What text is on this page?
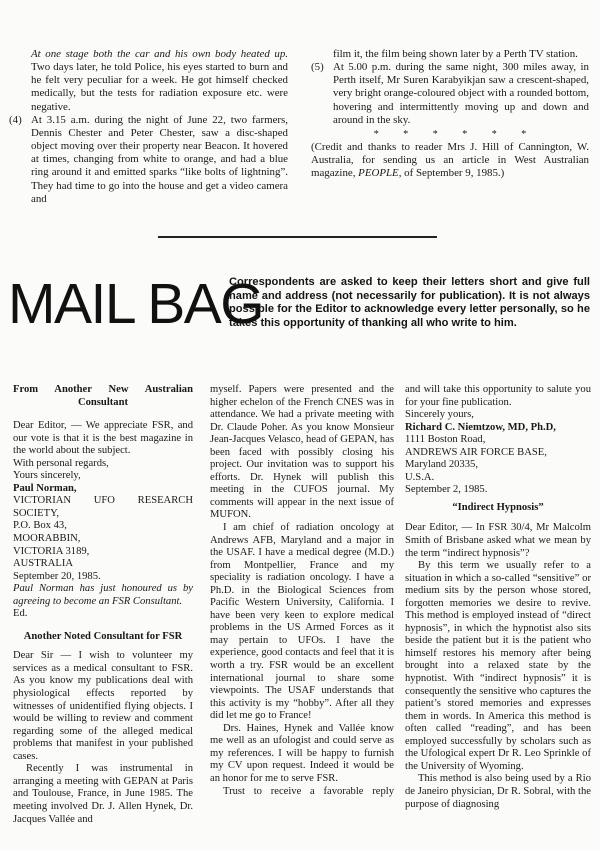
At one stage both the car and his own body heated up. Two days later, he told Police, his eyes started to burn and he felt very peculiar for a week. He got himself checked medically, but the tests for radiation exposure etc. were negative.

(4) At 3.15 a.m. during the night of June 22, two farmers, Dennis Chester and Peter Chester, saw a disc-shaped object moving over their property near Beacon. It hovered at times, changing from white to orange, and had a blue ring around it and emitted sparks “like bolts of lightning”. They had time to go into the house and get a video camera and

film it, the film being shown later by a Perth TV station.

(5) At 5.00 p.m. during the same night, 300 miles away, in Perth itself, Mr Suren Karabyikjan saw a crescent-shaped, very bright orange-coloured object with a rounded bottom, hovering and intermittently moving up and down and around in the sky.

* * * * * *

(Credit and thanks to reader Mrs J. Hill of Cannington, W. Australia, for sending us an article in West Australian magazine, PEOPLE, of September 9, 1985.)

MAIL BAG

Correspondents are asked to keep their letters short and give full name and address (not necessarily for publication). It is not always possible for the Editor to acknowledge every letter personally, so he takes this opportunity of thanking all who write to him.

From Another New Australian

Consultant

Dear Editor, — We appreciate FSR, and our vote is that it is the best magazine in the world about the subject.

With personal regards,

Yours sincerely,

Paul Norman,

VICTORIAN UFO RESEARCH SOCIETY,

P.O. Box 43,

MOORABBIN,

VICTORIA 3189,

AUSTRALIA

September 20, 1985.

Paul Norman has just honoured us by agreeing to become an FSR Consultant.

Ed.

Another Noted Consultant for FSR

Dear Sir — I wish to volunteer my services as a medical consultant to FSR. As you know my publications deal with physiological effects reported by witnesses of unidentified flying objects. I would be willing to review and comment regarding some of the alleged medical problems that manifest in your published cases.

Recently I was instrumental in arranging a meeting with GEPAN at Paris and Toulouse, France, in June 1985. The meeting involved Dr. J. Allen Hynek, Dr. Jacques Vallée and

myself. Papers were presented and the higher echelon of the French CNES was in attendance. We had a private meeting with Dr. Claude Poher. As you know Monsieur Jean-Jacques Velasco, head of GEPAN, has been faced with possibly closing his project. Our invitation was to support his efforts. Dr. Hynek will publish this meeting in the CUFOS journal. My comments will appear in the next issue of MUFON.

I am chief of radiation oncology at Andrews AFB, Maryland and a major in the USAF. I have a medical degree (M.D.) from Montpellier, France and my speciality is radiation oncology. I have a Ph.D. in the Biological Sciences from Pacific Western University, California. I have been very keen to explore medical problems in the US Armed Forces as it may pertain to UFOs. I have the experience, good contacts and feel that it is worth a try. FSR would be an excellent international journal to share some viewpoints. The USAF understands that this activity is my “hobby”. After all they did let me go to France!

Drs. Haines, Hynek and Vallée know me well as an ufologist and could serve as my references. I will be happy to furnish my CV upon request. Indeed it would be an honor for me to serve FSR.

Trust to receive a favorable reply

and will take this opportunity to salute you for your fine publication.

Sincerely yours,

Richard C. Niemtzow, MD, Ph.D,

1111 Boston Road,

ANDREWS AIR FORCE BASE,

Maryland 20335,

U.S.A.

September 2, 1985.

“Indirect Hypnosis”

Dear Editor, — In FSR 30/4, Mr Malcolm Smith of Brisbane asked what we mean by the term “indirect hypnosis”?

By this term we usually refer to a situation in which a so-called “sensitive” or medium sits by the person whose stored, forgotten memories we desire to revive. This method is employed instead of “direct hypnosis”, in which the hypnotist also sits beside the patient but it is the patient who himself restores his memory after being brought into a relaxed state by the hypnotist. With “indirect hypnosis” it is consequently the sensitive who captures the patient’s stored memories and expresses them in words. In America this method is often called “reading”, and has been employed successfully by scholars such as the Ufological expert Dr R. Leo Sprinkle of the University of Wyoming.

This method is also being used by a Rio de Janeiro physician, Dr R. Sobral, with the purpose of diagnosing
